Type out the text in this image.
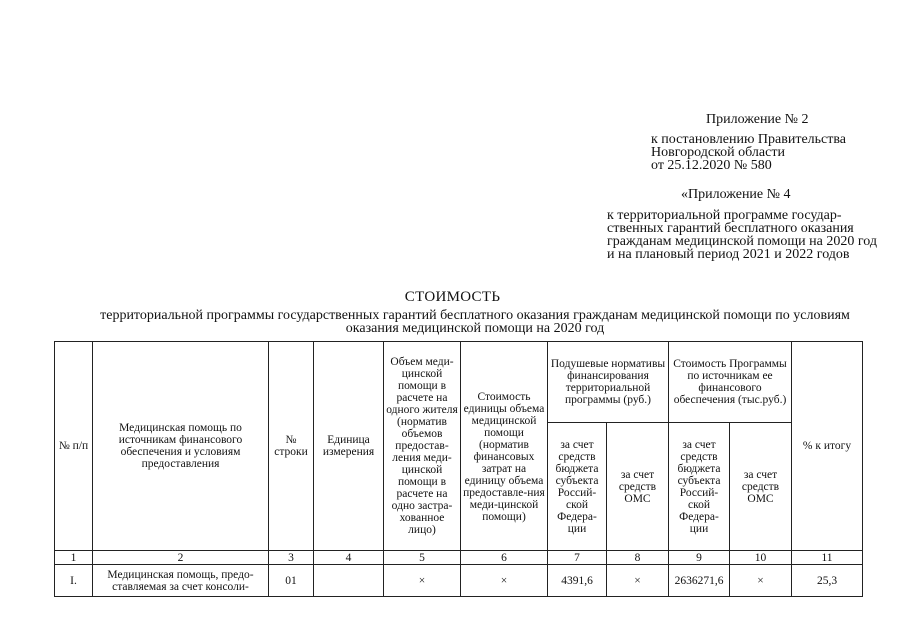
Приложение № 2
к постановлению Правительства
Новгородской области
от 25.12.2020 № 580
«Приложение № 4
к территориальной программе государ-
ственных гарантий бесплатного оказания
гражданам медицинской помощи на 2020 год
и на плановый период 2021 и 2022 годов
СТОИМОСТЬ
территориальной программы государственных гарантий бесплатного оказания гражданам медицинской помощи по условиям
оказания медицинской помощи на 2020 год
№ п/п	Медицинская помощь по источникам финансового обеспечения и условиям предоставления	№ строки	Единица измерения	Объем меди-цинской помощи в расчете на одного жителя (норматив объемов предостав-ления меди-цинской помощи в расчете на одно застра-хованное лицо)	Стоимость единицы объема медицинской помощи (норматив финансовых затрат на единицу объема предоставле-ния меди-цинской помощи)	Подушевые нормативы финансирования территориальной программы (руб.)		Стоимость Программы по источникам ее финансового обеспечения (тыс.руб.)		% к итогу
						за счет средств бюджета субъекта Россий-ской Федера-ции	за счет средств ОМС	за счет средств бюджета субъекта Россий-ской Федера-ции	за счет средств ОМС	
1	2	3	4	5	6	7	8	9	10	11
I.	Медицинская помощь, предо-ставляемая за счет консоли-	01		×	×	4391,6	×	2636271,6	×	25,3
